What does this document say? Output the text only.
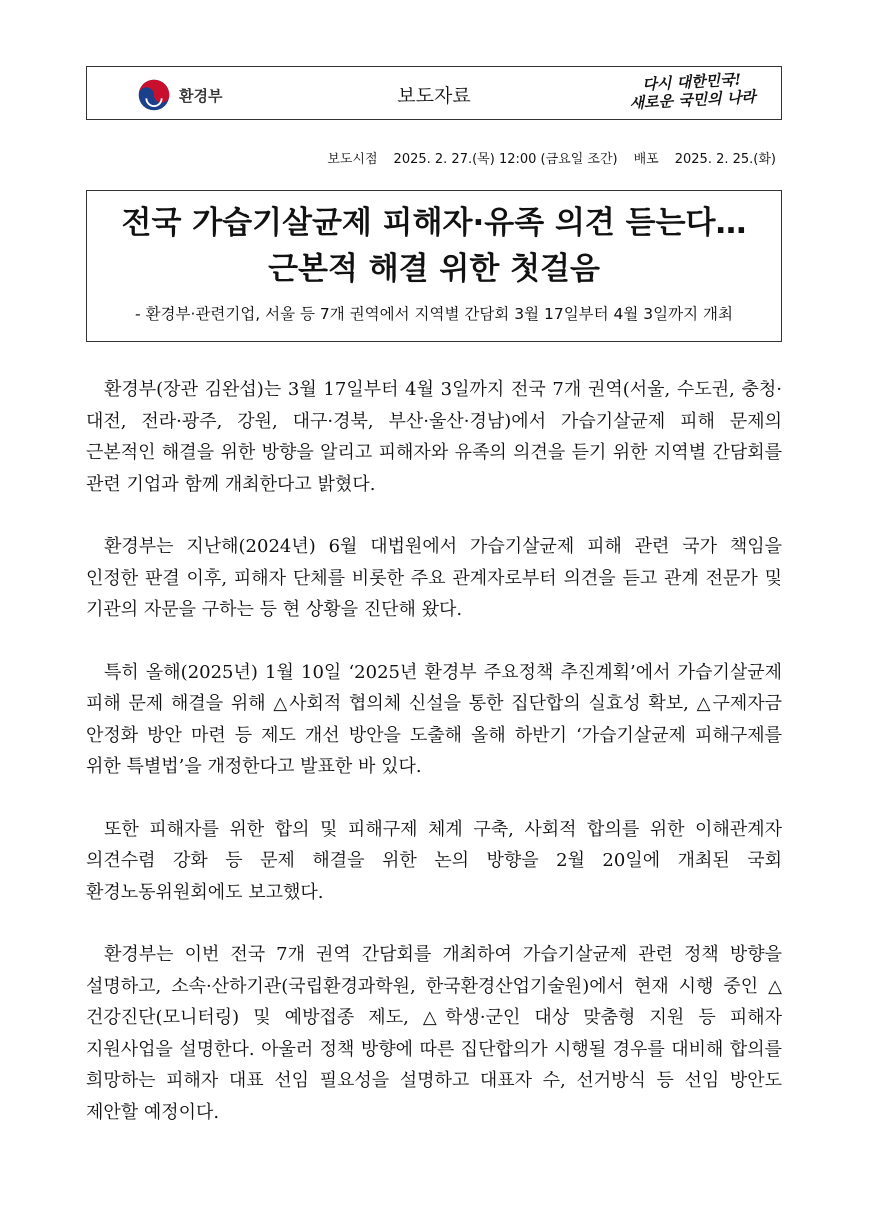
환경부	보도자료
다시 대한민국!
새로운 국민의 나라
보도시점 2025. 2. 27.(목) 12:00 (금요일 조간) 배포 2025. 2. 25.(화)
전국 가습기살균제 피해자·유족 의견 듣는다…
근본적 해결 위한 첫걸음
- 환경부·관련기업, 서울 등 7개 권역에서 지역별 간담회 3월 17일부터 4월 3일까지 개최

환경부(장관 김완섭)는 3월 17일부터 4월 3일까지 전국 7개 권역(서울, 수도권, 충청·대전, 전라·광주, 강원, 대구·경북, 부산·울산·경남)에서 가습기살균제 피해 문제의 근본적인 해결을 위한 방향을 알리고 피해자와 유족의 의견을 듣기 위한 지역별 간담회를 관련 기업과 함께 개최한다고 밝혔다.

환경부는 지난해(2024년) 6월 대법원에서 가습기살균제 피해 관련 국가 책임을 인정한 판결 이후, 피해자 단체를 비롯한 주요 관계자로부터 의견을 듣고 관계 전문가 및 기관의 자문을 구하는 등 현 상황을 진단해 왔다.

특히 올해(2025년) 1월 10일 ‘2025년 환경부 주요정책 추진계획’에서 가습기살균제 피해 문제 해결을 위해 △사회적 협의체 신설을 통한 집단합의 실효성 확보, △구제자금 안정화 방안 마련 등 제도 개선 방안을 도출해 올해 하반기 ‘가습기살균제 피해구제를 위한 특별법’을 개정한다고 발표한 바 있다.

또한 피해자를 위한 합의 및 피해구제 체계 구축, 사회적 합의를 위한 이해관계자 의견수렴 강화 등 문제 해결을 위한 논의 방향을 2월 20일에 개최된 국회 환경노동위원회에도 보고했다.

환경부는 이번 전국 7개 권역 간담회를 개최하여 가습기살균제 관련 정책 방향을 설명하고, 소속·산하기관(국립환경과학원, 한국환경산업기술원)에서 현재 시행 중인 △건강진단(모니터링) 및 예방접종 제도, △학생·군인 대상 맞춤형 지원 등 피해자 지원사업을 설명한다. 아울러 정책 방향에 따른 집단합의가 시행될 경우를 대비해 합의를 희망하는 피해자 대표 선임 필요성을 설명하고 대표자 수, 선거방식 등 선임 방안도 제안할 예정이다.
